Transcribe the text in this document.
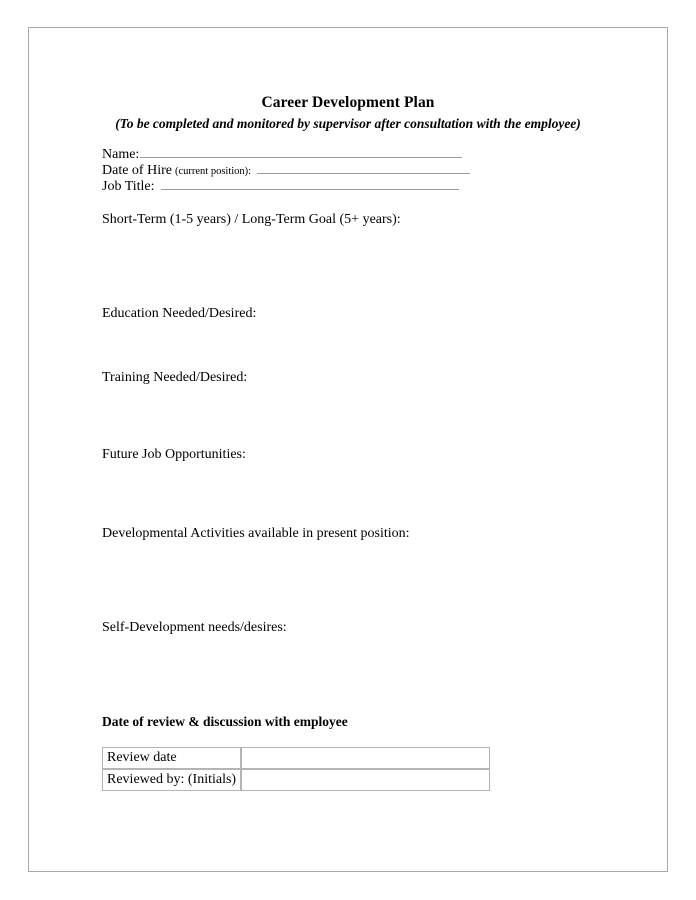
Career Development Plan
(To be completed and monitored by supervisor after consultation with the employee)
Name:
Date of Hire (current position):
Job Title:
Short-Term (1-5 years) / Long-Term Goal (5+ years):
Education Needed/Desired:
Training Needed/Desired:
Future Job Opportunities:
Developmental Activities available in present position:
Self-Development needs/desires:
Date of review & discussion with employee
Review date	
Reviewed by: (Initials)	
